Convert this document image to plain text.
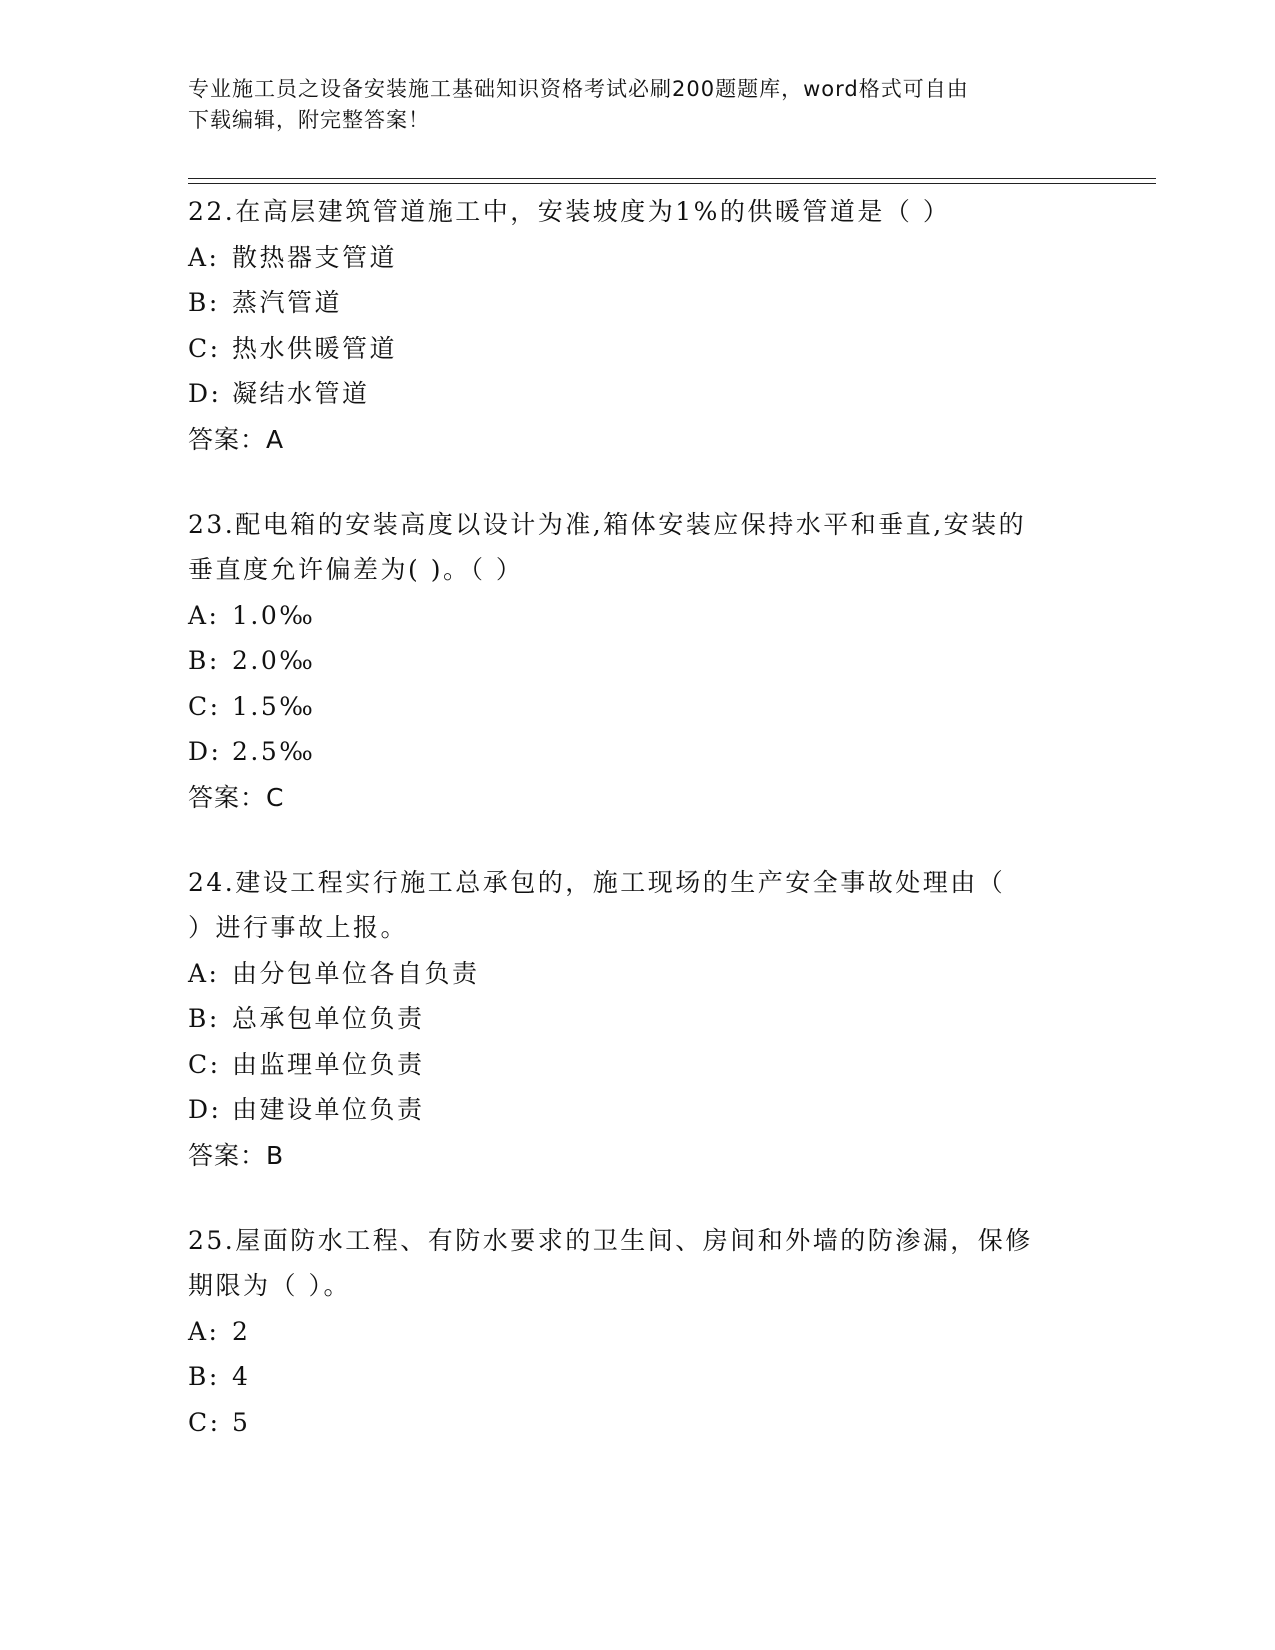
专业施工员之设备安装施工基础知识资格考试必刷200题题库，word格式可自由
下载编辑，附完整答案！
22.在高层建筑管道施工中，安装坡度为1%的供暖管道是（ ）
A: 散热器支管道
B: 蒸汽管道
C: 热水供暖管道
D: 凝结水管道
答案：A
23.配电箱的安装高度以设计为准,箱体安装应保持水平和垂直,安装的
垂直度允许偏差为( )。（ ）
A: 1.0‰
B: 2.0‰
C: 1.5‰
D: 2.5‰
答案：C
24.建设工程实行施工总承包的，施工现场的生产安全事故处理由（
）进行事故上报。
A: 由分包单位各自负责
B: 总承包单位负责
C: 由监理单位负责
D: 由建设单位负责
答案：B
25.屋面防水工程、有防水要求的卫生间、房间和外墙的防渗漏，保修
期限为（ ）。
A: 2
B: 4
C: 5
